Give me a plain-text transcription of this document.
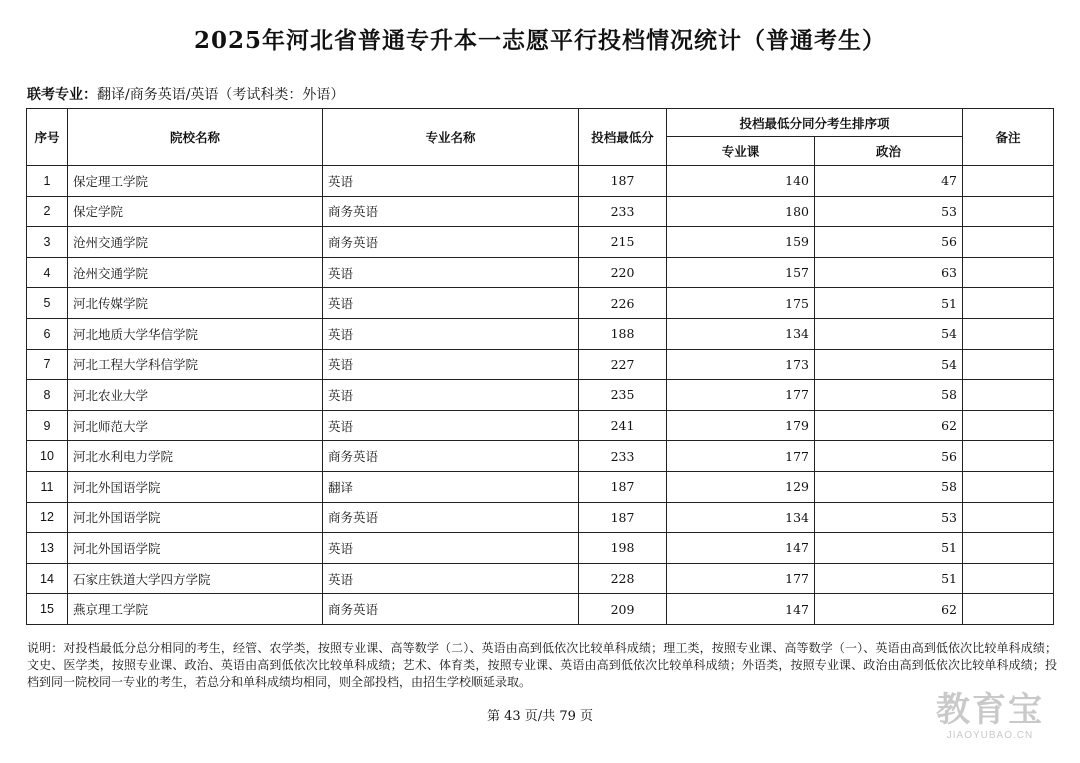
2025年河北省普通专升本一志愿平行投档情况统计（普通考生）
联考专业：翻译/商务英语/英语（考试科类：外语）
序号	院校名称	专业名称	投档最低分	投档最低分同分考生排序项		备注
				专业课	政治	
1	保定理工学院	英语	187	140	47	
2	保定学院	商务英语	233	180	53	
3	沧州交通学院	商务英语	215	159	56	
4	沧州交通学院	英语	220	157	63	
5	河北传媒学院	英语	226	175	51	
6	河北地质大学华信学院	英语	188	134	54	
7	河北工程大学科信学院	英语	227	173	54	
8	河北农业大学	英语	235	177	58	
9	河北师范大学	英语	241	179	62	
10	河北水利电力学院	商务英语	233	177	56	
11	河北外国语学院	翻译	187	129	58	
12	河北外国语学院	商务英语	187	134	53	
13	河北外国语学院	英语	198	147	51	
14	石家庄铁道大学四方学院	英语	228	177	51	
15	燕京理工学院	商务英语	209	147	62	
说明：对投档最低分总分相同的考生，经管、农学类，按照专业课、高等数学（二）、英语由高到低依次比较单科成绩；理工类，按照专业课、高等数学（一）、英语由高到低依次比较单科成绩；文史、医学类，按照专业课、政治、英语由高到低依次比较单科成绩；艺术、体育类，按照专业课、英语由高到低依次比较单科成绩；外语类，按照专业课、政治由高到低依次比较单科成绩；投档到同一院校同一专业的考生，若总分和单科成绩均相同，则全部投档，由招生学校顺延录取。
第 43 页/共 79 页	教育宝
JIAOYUBAO.CN
